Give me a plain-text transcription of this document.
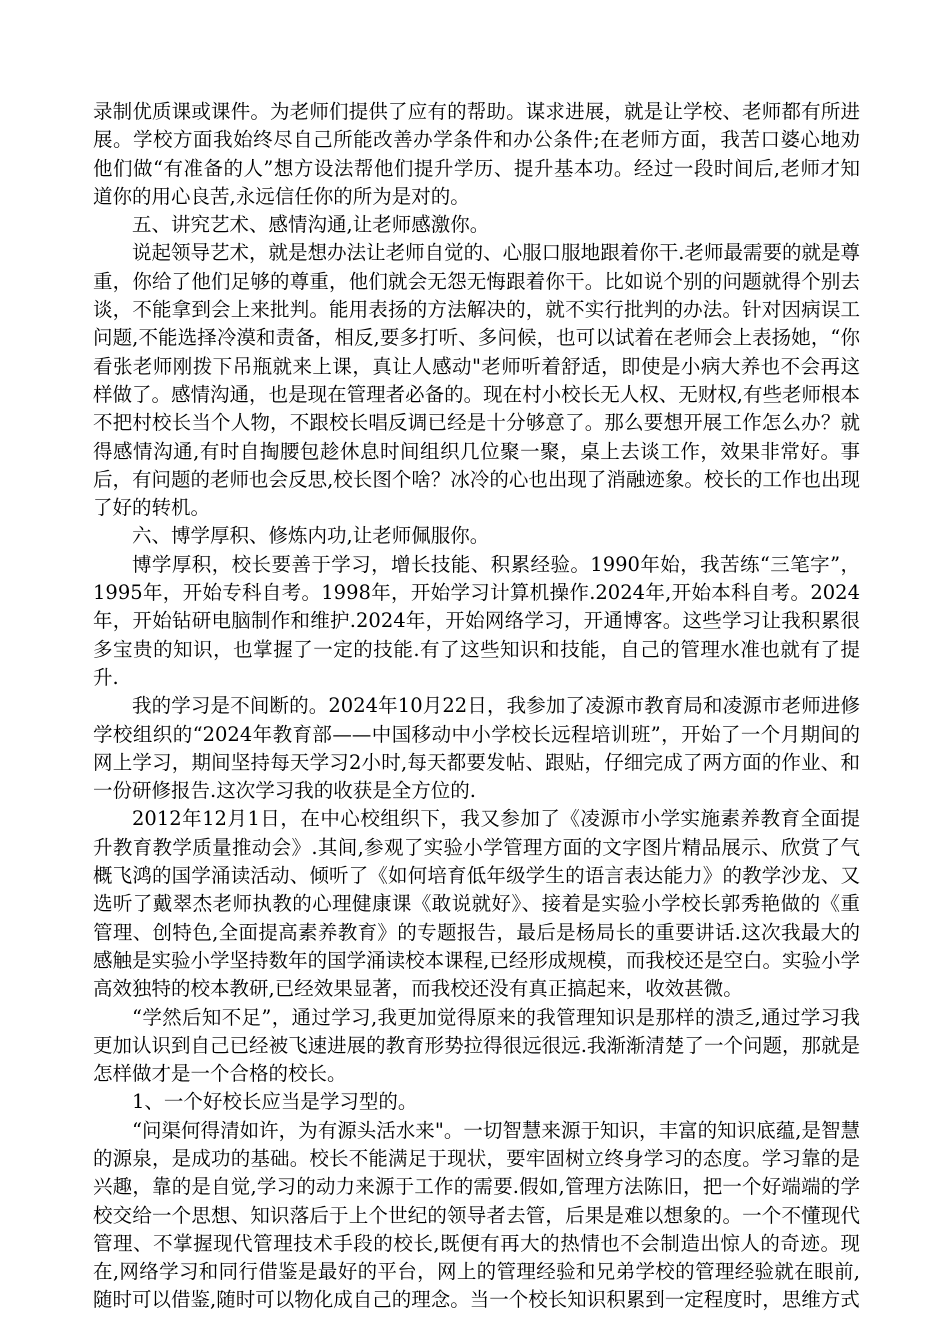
录制优质课或课件。为老师们提供了应有的帮助。谋求进展，就是让学校、老师都有所进展。学校方面我始终尽自己所能改善办学条件和办公条件;在老师方面，我苦口婆心地劝他们做“有准备的人”想方设法帮他们提升学历、提升基本功。经过一段时间后,老师才知道你的用心良苦,永远信任你的所为是对的。

五、讲究艺术、感情沟通,让老师感激你。

说起领导艺术，就是想办法让老师自觉的、心服口服地跟着你干.老师最需要的就是尊重，你给了他们足够的尊重，他们就会无怨无悔跟着你干。比如说个别的问题就得个别去谈，不能拿到会上来批判。能用表扬的方法解决的，就不实行批判的办法。针对因病误工问题,不能选择冷漠和责备，相反,要多打听、多问候，也可以试着在老师会上表扬她，“你看张老师刚拨下吊瓶就来上课，真让人感动"老师听着舒适，即使是小病大养也不会再这样做了。感情沟通，也是现在管理者必备的。现在村小校长无人权、无财权,有些老师根本不把村校长当个人物，不跟校长唱反调已经是十分够意了。那么要想开展工作怎么办？就得感情沟通,有时自掏腰包趁休息时间组织几位聚一聚，桌上去谈工作，效果非常好。事后，有问题的老师也会反思,校长图个啥？冰冷的心也出现了消融迹象。校长的工作也出现了好的转机。

六、博学厚积、修炼内功,让老师佩服你。

博学厚积，校长要善于学习，增长技能、积累经验。1990年始，我苦练“三笔字”，1995年，开始专科自考。1998年，开始学习计算机操作.2024年,开始本科自考。2024年，开始钻研电脑制作和维护.2024年，开始网络学习，开通博客。这些学习让我积累很多宝贵的知识，也掌握了一定的技能.有了这些知识和技能，自己的管理水准也就有了提升.

我的学习是不间断的。2024年10月22日，我参加了凌源市教育局和凌源市老师进修学校组织的“2024年教育部——中国移动中小学校长远程培训班”，开始了一个月期间的网上学习，期间坚持每天学习2小时,每天都要发帖、跟贴，仔细完成了两方面的作业、和一份研修报告.这次学习我的收获是全方位的.

2012年12月1日，在中心校组织下，我又参加了《凌源市小学实施素养教育全面提升教育教学质量推动会》.其间,参观了实验小学管理方面的文字图片精品展示、欣赏了气概飞鸿的国学涌读活动、倾听了《如何培育低年级学生的语言表达能力》的教学沙龙、又选听了戴翠杰老师执教的心理健康课《敢说就好》、接着是实验小学校长郭秀艳做的《重管理、创特色,全面提高素养教育》的专题报告，最后是杨局长的重要讲话.这次我最大的感触是实验小学坚持数年的国学涌读校本课程,已经形成规模，而我校还是空白。实验小学高效独特的校本教研,已经效果显著，而我校还没有真正搞起来，收效甚微。

“学然后知不足”，通过学习,我更加觉得原来的我管理知识是那样的溃乏,通过学习我更加认识到自己已经被飞速进展的教育形势拉得很远很远.我渐渐清楚了一个问题，那就是怎样做才是一个合格的校长。

1、一个好校长应当是学习型的。

“问渠何得清如许，为有源头活水来"。一切智慧来源于知识，丰富的知识底蕴,是智慧的源泉，是成功的基础。校长不能满足于现状，要牢固树立终身学习的态度。学习靠的是兴趣，靠的是自觉,学习的动力来源于工作的需要.假如,管理方法陈旧，把一个好端端的学校交给一个思想、知识落后于上个世纪的领导者去管，后果是难以想象的。一个不懂现代管理、不掌握现代管理技术手段的校长,既便有再大的热情也不会制造出惊人的奇迹。现在,网络学习和同行借鉴是最好的平台，网上的管理经验和兄弟学校的管理经验就在眼前,随时可以借鉴,随时可以物化成自己的理念。当一个校长知识积累到一定程度时，思维方式
